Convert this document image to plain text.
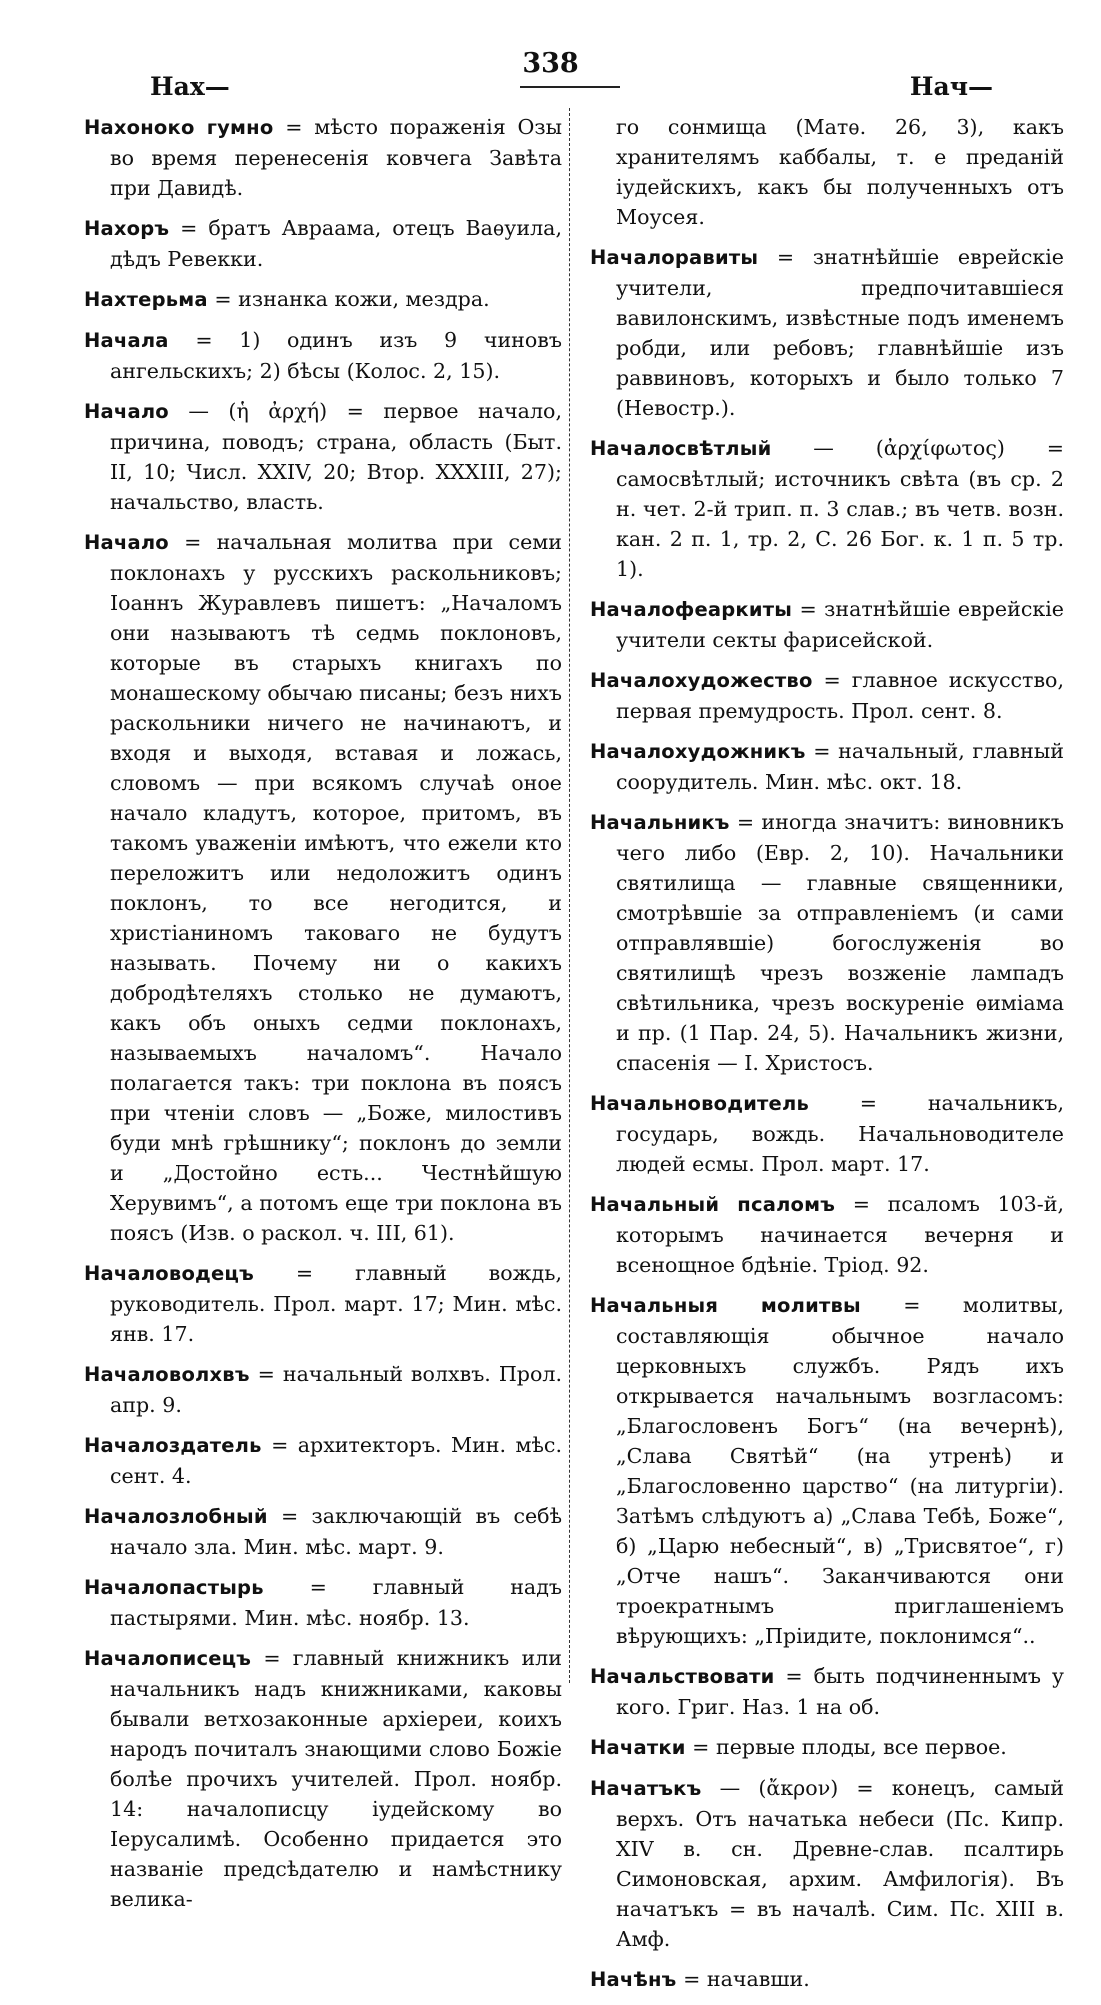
Нах—
338
Нач—

Нахоноко гумно = мѣсто пораженія Озы во время перенесенія ковчега Завѣта при Давидѣ.

Нахоръ = братъ Авраама, отецъ Ваѳуила, дѣдъ Ревекки.

Нахтерьма = изнанка кожи, мездра.

Начала = 1) одинъ изъ 9 чиновъ ангельскихъ; 2) бѣсы (Колос. 2, 15).

Начало — (ἡ ἀρχή) = первое начало, причина, поводъ; страна, область (Быт. II, 10; Числ. XXIV, 20; Втор. XXXIII, 27); начальство, власть.

Начало = начальная молитва при семи поклонахъ у русскихъ раскольниковъ; Іоаннъ Журавлевъ пишетъ: „Началомъ они называютъ тѣ седмь поклоновъ, которые въ старыхъ книгахъ по монашескому обычаю писаны; безъ нихъ раскольники ничего не начинаютъ, и входя и выходя, вставая и ложась, словомъ — при всякомъ случаѣ оное начало кладутъ, которое, притомъ, въ такомъ уваженіи имѣютъ, что ежели кто переложитъ или недоложитъ одинъ поклонъ, то все негодится, и христіаниномъ таковаго не будутъ называть. Почему ни о какихъ добродѣтеляхъ столько не думаютъ, какъ объ оныхъ седми поклонахъ, называемыхъ началомъ“. Начало полагается такъ: три поклона въ поясъ при чтеніи словъ — „Боже, милостивъ буди мнѣ грѣшнику“; поклонъ до земли и „Достойно есть... Честнѣйшую Херувимъ“, а потомъ еще три поклона въ поясъ (Изв. о раскол. ч. III, 61).

Началоводецъ = главный вождь, руководитель. Прол. март. 17; Мин. мѣс. янв. 17.

Началоволхвъ = начальный волхвъ. Прол. апр. 9.

Началоздатель = архитекторъ. Мин. мѣс. сент. 4.

Началозлобный = заключающій въ себѣ начало зла. Мин. мѣс. март. 9.

Началопастырь = главный надъ пастырями. Мин. мѣс. ноябр. 13.

Началописецъ = главный книжникъ или начальникъ надъ книжниками, каковы бывали ветхозаконные архіереи, коихъ народъ почиталъ знающими слово Божіе болѣе прочихъ учителей. Прол. ноябр. 14: началописцу іудейскому во Іерусалимѣ. Особенно придается это названіе предсѣдателю и намѣстнику велика-

го сонмища (Матѳ. 26, 3), какъ хранителямъ каббалы, т. е преданій іудейскихъ, какъ бы полученныхъ отъ Моусея.

Началоравиты = знатнѣйшіе еврейскіе учители, предпочитавшіеся вавилонскимъ, извѣстные подъ именемъ робди, или ребовъ; главнѣйшіе изъ раввиновъ, которыхъ и было только 7 (Невостр.).

Началосвѣтлый — (ἀρχίφωτος) = самосвѣтлый; источникъ свѣта (въ ср. 2 н. чет. 2-й трип. п. 3 слав.; въ четв. возн. кан. 2 п. 1, тр. 2, С. 26 Бог. к. 1 п. 5 тр. 1).

Началофеаркиты = знатнѣйшіе еврейскіе учители секты фарисейской.

Началохудожество = главное искусство, первая премудрость. Прол. сент. 8.

Началохудожникъ = начальный, главный соорудитель. Мин. мѣс. окт. 18.

Начальникъ = иногда значитъ: виновникъ чего либо (Евр. 2, 10). Начальники святилища — главные священники, смотрѣвшіе за отправленіемъ (и сами отправлявшіе) богослуженія во святилищѣ чрезъ возженіе лампадъ свѣтильника, чрезъ воскуреніе ѳиміама и пр. (1 Пар. 24, 5). Начальникъ жизни, спасенія — І. Христосъ.

Начальноводитель = начальникъ, государь, вождь. Начальноводителе людей есмы. Прол. март. 17.

Начальный псаломъ = псаломъ 103-й, которымъ начинается вечерня и всенощное бдѣніе. Тріод. 92.

Начальныя молитвы = молитвы, составляющія обычное начало церковныхъ службъ. Рядъ ихъ открывается начальнымъ возгласомъ: „Благословенъ Богъ“ (на вечернѣ), „Слава Святѣй“ (на утренѣ) и „Благословенно царство“ (на литургіи). Затѣмъ слѣдуютъ а) „Слава Тебѣ, Боже“, б) „Царю небесный“, в) „Трисвятое“, г) „Отче нашъ“. Заканчиваются они троекратнымъ приглашеніемъ вѣрующихъ: „Пріидите, поклонимся“..

Начальствовати = быть подчиненнымъ у кого. Григ. Наз. 1 на об.

Начатки = первые плоды, все первое.

Начатъкъ — (ἄκρον) = конецъ, самый верхъ. Отъ начатька небеси (Пс. Кипр. XIV в. сн. Древне-слав. псалтирь Симоновская, архим. Амфилогія). Въ начатъкъ = въ началѣ. Сим. Пс. XIII в. Амф.

Начѣнъ = начавши.
